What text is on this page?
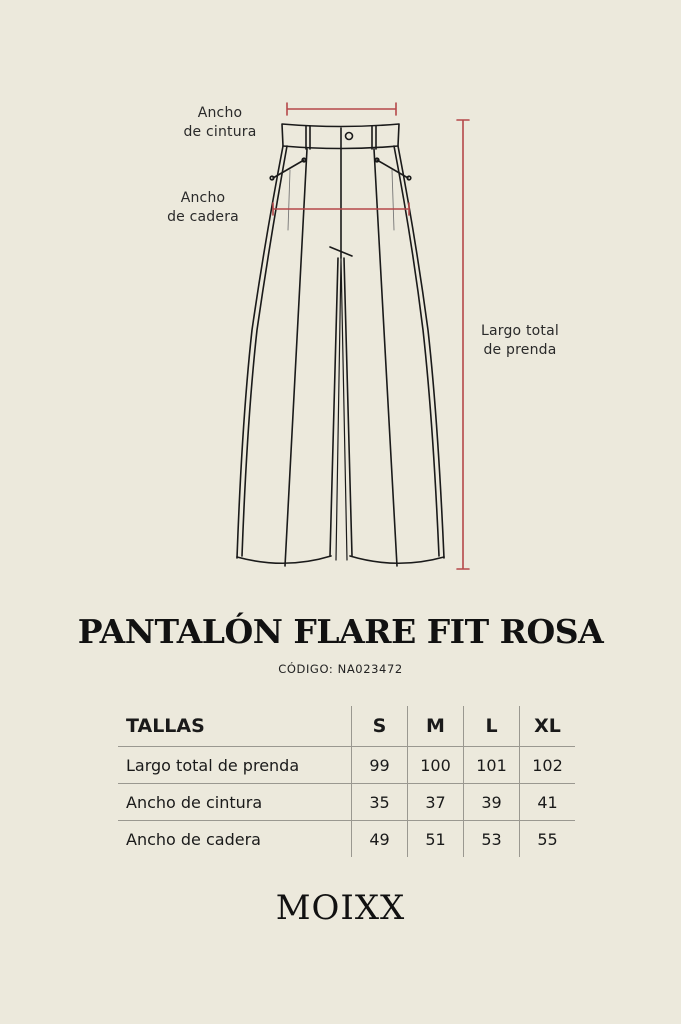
Ancho
de cintura
Ancho
de cadera
Largo total
de prenda
PANTALÓN FLARE FIT ROSA
CÓDIGO: NA023472
TALLAS	S	M	L	XL
Largo total de prenda	99	100	101	102
Ancho de cintura	35	37	39	41
Ancho de cadera	49	51	53	55
MOIXX
